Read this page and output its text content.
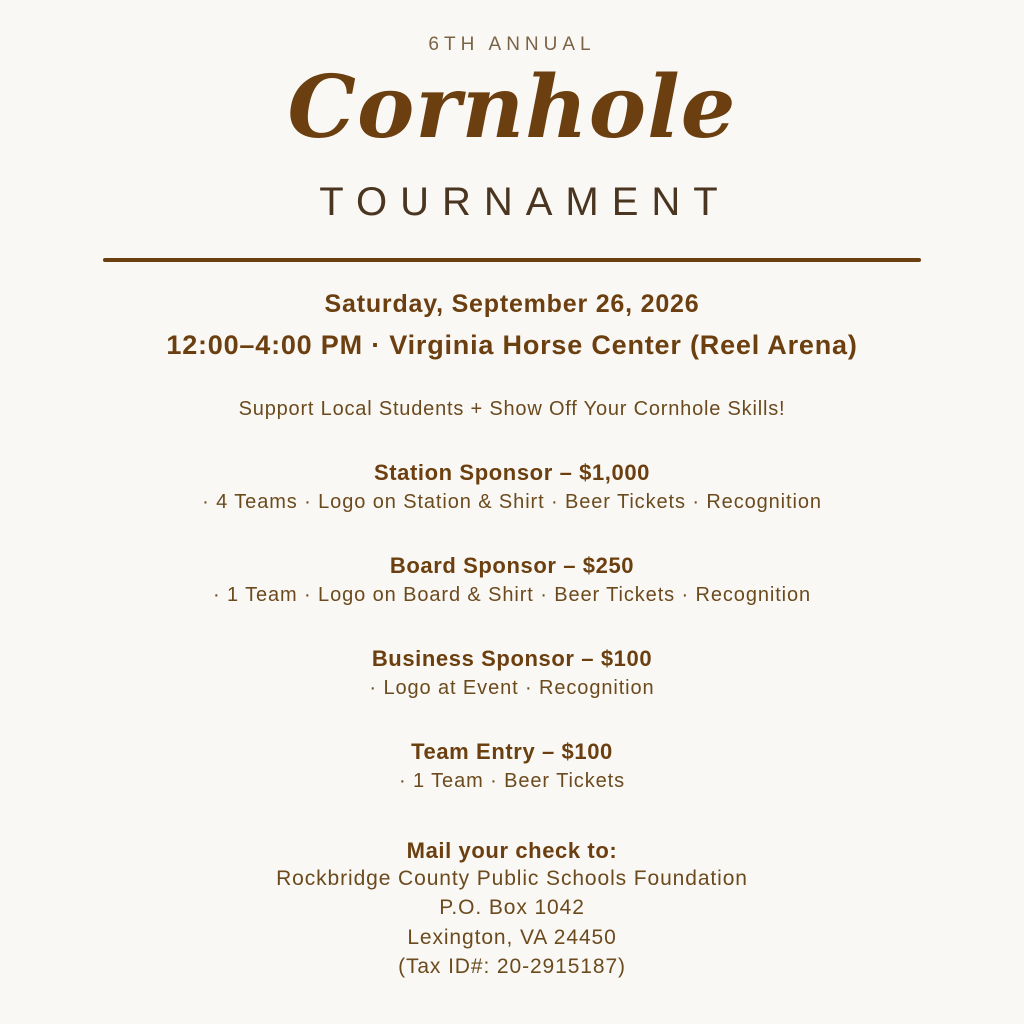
6TH ANNUAL
Cornhole
TOURNAMENT
Saturday, September 26, 2026
12:00–4:00 PM · Virginia Horse Center (Reel Arena)
Support Local Students + Show Off Your Cornhole Skills!
Station Sponsor – $1,000
· 4 Teams · Logo on Station & Shirt · Beer Tickets · Recognition
Board Sponsor – $250
· 1 Team · Logo on Board & Shirt · Beer Tickets · Recognition
Business Sponsor – $100
· Logo at Event · Recognition
Team Entry – $100
· 1 Team · Beer Tickets
Mail your check to:
Rockbridge County Public Schools Foundation
P.O. Box 1042
Lexington, VA 24450
(Tax ID#: 20-2915187)
